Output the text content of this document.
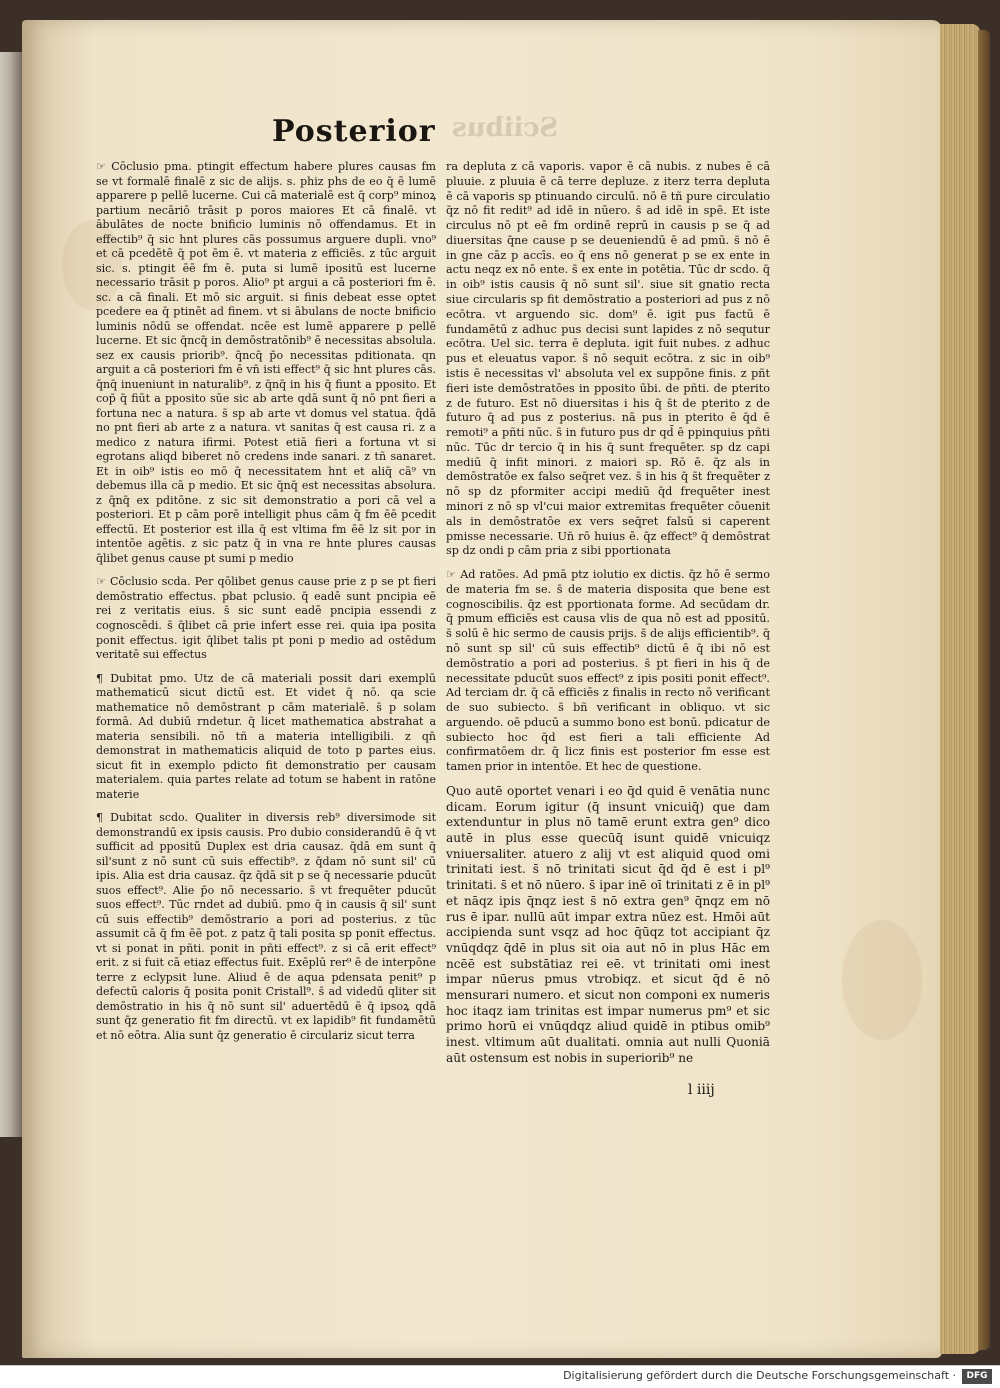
Posterior Sciibus

☞ Cōclusio pma. ptingit effectum habere plures causas fm se vt formalē finalē z sic de alijs. s. phiz phs de eo q̄ ē lumē apparere p pellē lucerne. Cui cā materialē est q̄ corp⁹ minoꝝ partium necāriō trāsit p poros maiores Et cā finalē. vt ābulātes de nocte bnificio luminis nō offendamus. Et in effectib⁹ q̄ sic hnt plures cās possumus arguere dupli. vno⁹ et cā pcedētē q̄ pot ēm ē. vt materia z efficiēs. z tūc arguit sic. s. ptingit ēē fm ē. puta si lumē ipositū est lucerne necessario trāsit p poros. Alio⁹ pt argui a cā posteriori fm ē. sc. a cā finali. Et mō sic arguit. si finis debeat esse optet pcedere ea q̄ ptinēt ad finem. vt si ābulans de nocte bnificio luminis nōdū se offendat. ncēe est lumē apparere p pellē lucerne. Et sic q̄ncq̄ in demōstratōnib⁹ ē necessitas absolula. sez ex causis priorib⁹. q̄ncq̄ p̄o necessitas pditionata. qn arguit a cā posteriori fm ē vn̄ isti effect⁹ q̄ sic hnt plures cās. q̄nq̄ inueniunt in naturalib⁹. z q̄nq̄ in his q̄ fiunt a pposito. Et cop̄ q̄ fiūt a pposito sūe sic ab arte qdā sunt q̄ nō pnt fieri a fortuna nec a natura. s̄ sp ab arte vt domus vel statua. q̄dā no pnt fieri ab arte z a natura. vt sanitas q̄ est causa ri. z a medico z natura ifirmi. Potest etiā fieri a fortuna vt si egrotans aliqd biberet nō credens inde sanari. z tñ sanaret. Et in oib⁹ istis eo mō q̄ necessitatem hnt et aliq̄ cā⁹ vn debemus illa cā p medio. Et sic q̄nq̄ est necessitas absolura. z q̄nq̄ ex pditōne. z sic sit demonstratio a pori cā vel a posteriori. Et p cām porē intelligit phus cām q̄ fm ēē pcedit effectū. Et posterior est illa q̄ est vltima fm ēē lz sit por in intentōe agētis. z sic patz q̄ in vna re hnte plures causas q̄libet genus cause pt sumi p medio

☞ Cōclusio scda. Per qōlibet genus cause prie z p se pt fieri demōstratio effectus. pbat pclusio. q̄ eadē sunt pncipia eē rei z veritatis eius. s̄ sic sunt eadē pncipia essendi z cognoscēdi. s̄ q̄libet cā prie infert esse rei. quia ipa posita ponit effectus. igit q̄libet talis pt poni p medio ad ostēdum veritatē sui effectus

¶ Dubitat pmo. Utz de cā materiali possit dari exemplū mathematicū sicut dictū est. Et videt q̄ nō. qa scie mathematice nō demōstrant p cām materialē. s̄ p solam formā. Ad dubiū rndetur. q̄ licet mathematica abstrahat a materia sensibili. nō tñ a materia intelligibili. z qn̄ demonstrat in mathematicis aliquid de toto p partes eius. sicut fit in exemplo pdicto fit demonstratio per causam materialem. quia partes relate ad totum se habent in ratōne materie

¶ Dubitat scdo. Qualiter in diversis reb⁹ diversimode sit demonstrandū ex ipsis causis. Pro dubio considerandū ē q̄ vt sufficit ad ppositū Duplex est dria causaz. q̄dā em sunt q̄ sil'sunt z nō sunt cū suis effectib⁹. z q̄dam nō sunt sil' cū ipis. Alia est dria causaz. q̄z q̄dā sit p se q̄ necessarie pducūt suos effect⁹. Alie p̄o nō necessario. s̄ vt frequēter pducūt suos effect⁹. Tūc rndet ad dubiū. pmo q̄ in causis q̄ sil' sunt cū suis effectib⁹ demōstrario a pori ad posterius. z tūc assumit cā q̄ fm ēē pot. z patz q̄ tali posita sp ponit effectus. vt si ponat in pñti. ponit in pñti effect⁹. z si cā erit effect⁹ erit. z si fuit cā etiaz effectus fuit. Exēplū rer⁹ ē de interpōne terre z eclypsit lune. Aliud ē de aqua pdensata penit⁹ p defectū caloris q̄ posita ponit Cristall⁹. s̄ ad videdū qliter sit demōstratio in his q̄ nō sunt sil' aduertēdū ē q̄ ipsoꝝ qdā sunt q̄z generatio fit fm directū. vt ex lapidib⁹ fit fundamētū et nō eōtra. Alia sunt q̄z generatio ē circulariz sicut terra

ra depluta z cā vaporis. vapor ē cā nubis. z nubes ē cā pluuie. z pluuia ē cā terre depluze. z iterz terra depluta ē cā vaporis sp ptinuando circulū. nō ē tñ pure circulatio q̄z nō fit redit⁹ ad idē in nūero. s̄ ad idē in spē. Et iste circulus nō pt eē fm ordinē reprū in causis p se q̄ ad diuersitas q̄ne cause p se deueniendū ē ad pmū. s̄ nō ē in gne cāz p accīs. eo q̄ ens nō generat p se ex ente in actu neqz ex nō ente. s̄ ex ente in potētia. Tūc dr scdo. q̄ in oib⁹ istis causis q̄ nō sunt sil'. siue sit gnatio recta siue circularis sp fit demōstratio a posteriori ad pus z nō ecōtra. vt arguendo sic. dom⁹ ē. igit pus factū ē fundamētū z adhuc pus decisi sunt lapides z nō sequtur ecōtra. Uel sic. terra ē depluta. igit fuit nubes. z adhuc pus et eleuatus vapor. s̄ nō sequit ecōtra. z sic in oib⁹ istis ē necessitas vl' absoluta vel ex suppōne finis. z pñt fieri iste demōstratōes in pposito ūbi. de pñti. de pterito z de futuro. Est nō diuersitas i his q̄ s̄t de pterito z de futuro q̄ ad pus z posterius. nā pus in pterito ē q̄d ē remoti⁹ a pñti nūc. s̄ in futuro pus dr qd̄ ē ppinquius pñti nūc. Tūc dr tercio q̄ in his q̄ sunt frequēter. sp dz capi mediū q̄ infit minori. z maiori sp. Rō ē. q̄z als in demōstratōe ex falso seq̄ret vez. s̄ in his q̄ s̄t frequēter z nō sp dz pformiter accipi mediū q̄d frequēter inest minori z nō sp vl'cui maior extremitas frequēter cōuenit als in demōstratōe ex vers seq̄ret falsū si caperent pmisse necessarie. Un̄ rō huius ē. q̄z effect⁹ q̄ demōstrat sp dz ondi p cām pria z sibi pportionata

☞ Ad ratōes. Ad pmā ptz iolutio ex dictis. q̄z hō ē sermo de materia fm se. s̄ de materia disposita que bene est cognoscibilis. q̄z est pportionata forme. Ad secūdam dr. q̄ pmum efficiēs est causa vlis de qua nō est ad ppositū. s̄ solū ē hic sermo de causis prijs. s̄ de alijs efficientib⁹. q̄ nō sunt sp sil' cū suis effectib⁹ dictū ē q̄ ibi nō est demōstratio a pori ad posterius. s̄ pt fieri in his q̄ de necessitate pducūt suos effect⁹ z ipis positi ponit effect⁹. Ad terciam dr. q̄ cā efficiēs z finalis in recto nō verificant de suo subiecto. s̄ bñ verificant in obliquo. vt sic arguendo. oē pducū a summo bono est bonū. pdicatur de subiecto hoc q̄d est fieri a tali efficiente Ad confirmatōem dr. q̄ licz finis est posterior fm esse est tamen prior in intentōe. Et hec de questione.

Quo autē oportet venari i eo q̄d quid ē venātia nunc dicam. Eorum igitur (q̄ insunt vnicuiq̄) que dam extenduntur in plus nō tamē erunt extra gen⁹ dico autē in plus esse quecūq̄ isunt quidē vnicuiqz vniuersaliter. atuero z alij vt est aliquid quod omi trinitati iest. s̄ nō trinitati sicut q̄d q̄d ē est i pl⁹ trinitati. s̄ et nō nūero. s̄ ipar inē oī trinitati z ē in pl⁹ et nāqz ipis q̄nqz iest s̄ nō extra gen⁹ q̄nqz em nō rus ē ipar. nullū aūt impar extra nūez est. Hmōi aūt accipienda sunt vsqz ad hoc q̄ūqz tot accipiant q̄z vnūqdqz q̄dē in plus sit oia aut nō in plus Hāc em ncēē est substātiaz rei eē. vt trinitati omi inest impar nūerus pmus vtrobiqz. et sicut q̄d ē nō mensurari numero. et sicut non componi ex numeris hoc itaqz iam trinitas est impar numerus pm⁹ et sic primo horū ei vnūqdqz aliud quidē in ptibus omib⁹ inest. vltimum aūt dualitati. omnia aut nulli Quoniā aūt ostensum est nobis in superiorib⁹ ne

l iiij
Digitalisierung gefördert durch die Deutsche Forschungsgemeinschaft ·	DFG
